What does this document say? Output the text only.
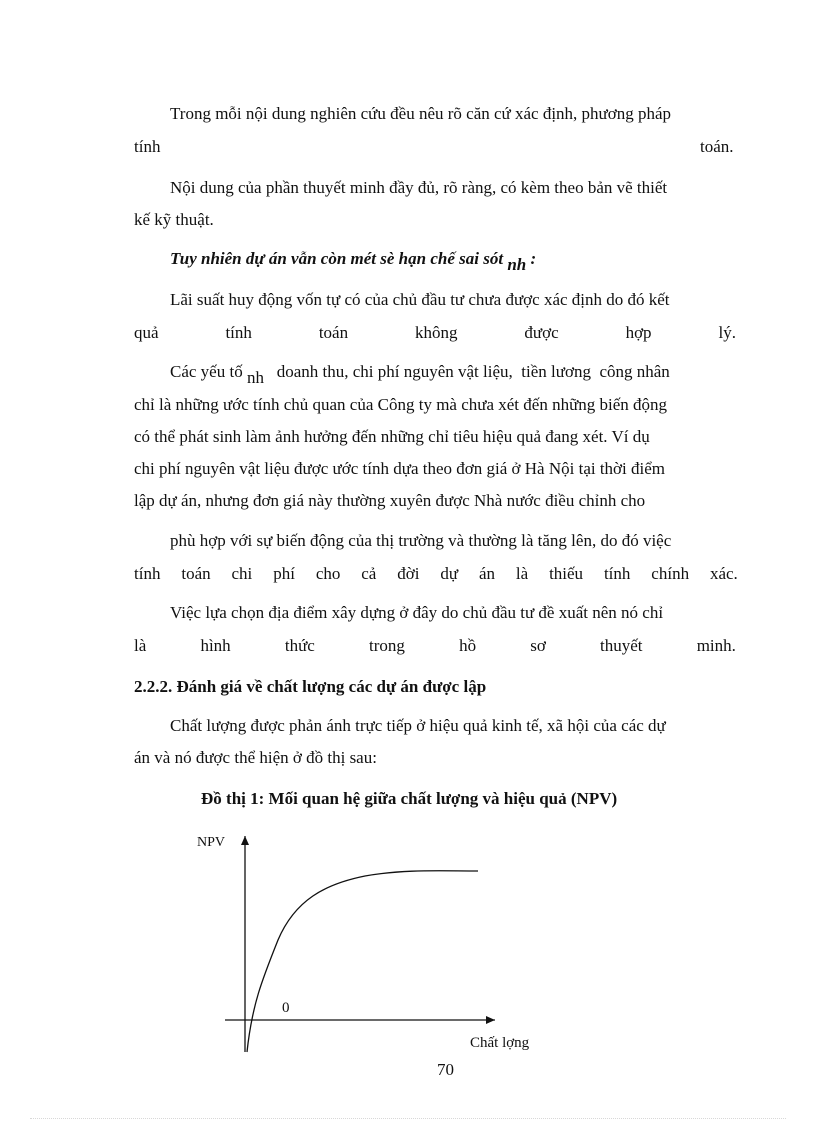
Trong mỗi nội dung nghiên cứu đều nêu rõ căn cứ xác định, phương pháp
tính	toán.
Nội dung của phần thuyết minh đầy đủ, rõ ràng, có kèm theo bản vẽ thiết
kế kỹ thuật.
Tuy nhiên dự án vẫn còn mét sè hạn chế sai sót nh :
Lãi suất huy động vốn tự có của chủ đầu tư chưa được xác định do đó kết
quả	tính	toán	không	được	hợp	lý.
Các yếu tố nh   doanh thu, chi phí nguyên vật liệu,  tiền lương  công nhân
chỉ là những ước tính chủ quan của Công ty mà chưa xét đến những biến động
có thể phát sinh làm ảnh hưởng đến những chỉ tiêu hiệu quả đang xét. Ví dụ
chi phí nguyên vật liệu được ước tính dựa theo đơn giá ở Hà Nội tại thời điểm
lập dự án, nhưng đơn giá này thường xuyên được Nhà nước điều chỉnh cho
phù hợp với sự biến động của thị trường và thường là tăng lên, do đó việc
tính toán chi phí cho cả đời dự án là thiếu tính chính xác.
Việc lựa chọn địa điểm xây dựng ở đây do chủ đầu tư đề xuất nên nó chỉ
là	hình	thức	trong	hồ	sơ	thuyết	minh.
2.2.2. Đánh giá về chất lượng các dự án được lập
Chất lượng được phản ánh trực tiếp ở hiệu quả kinh tế, xã hội của các dự
án và nó được thể hiện ở đồ thị sau:
Đồ thị 1: Mối quan hệ giữa chất lượng và hiệu quả (NPV)
NPV
Chất lợng
0
70
